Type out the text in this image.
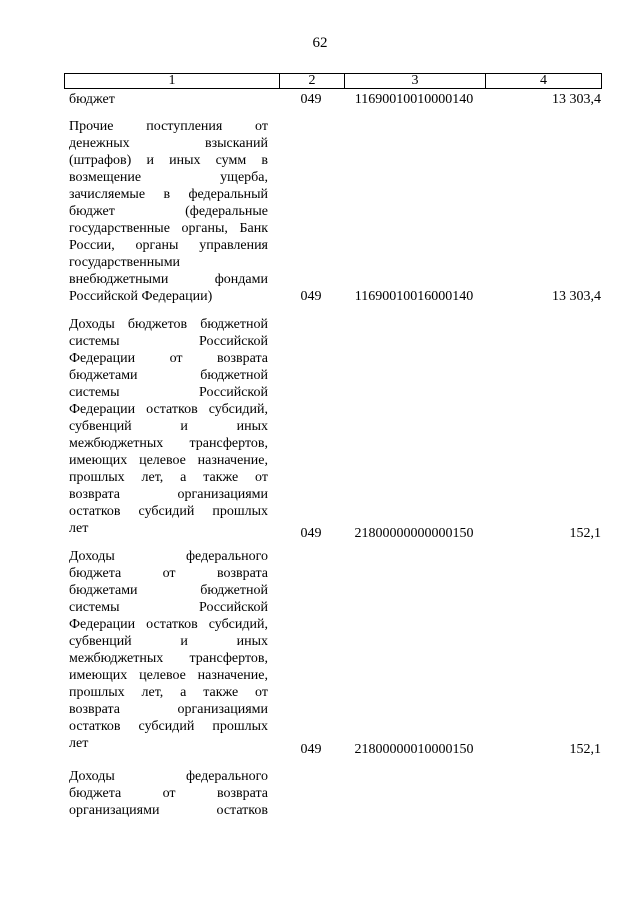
62
1	2	3	4
бюджет	049	11690010010000140	13 303,4
Прочие поступления от
денежных взысканий
(штрафов) и иных сумм в
возмещение ущерба,
зачисляемые в федеральный
бюджет (федеральные
государственные органы, Банк
России, органы управления
государственными
внебюджетными фондами
Российской Федерации)	049	11690010016000140	13 303,4
Доходы бюджетов бюджетной
системы Российской
Федерации от возврата
бюджетами бюджетной
системы Российской
Федерации остатков субсидий,
субвенций и иных
межбюджетных трансфертов,
имеющих целевое назначение,
прошлых лет, а также от
возврата организациями
остатков субсидий прошлых
лет	049	21800000000000150	152,1
Доходы федерального
бюджета от возврата
бюджетами бюджетной
системы Российской
Федерации остатков субсидий,
субвенций и иных
межбюджетных трансфертов,
имеющих целевое назначение,
прошлых лет, а также от
возврата организациями
остатков субсидий прошлых
лет	049	21800000010000150	152,1
Доходы федерального
бюджета от возврата
организациями остатков
